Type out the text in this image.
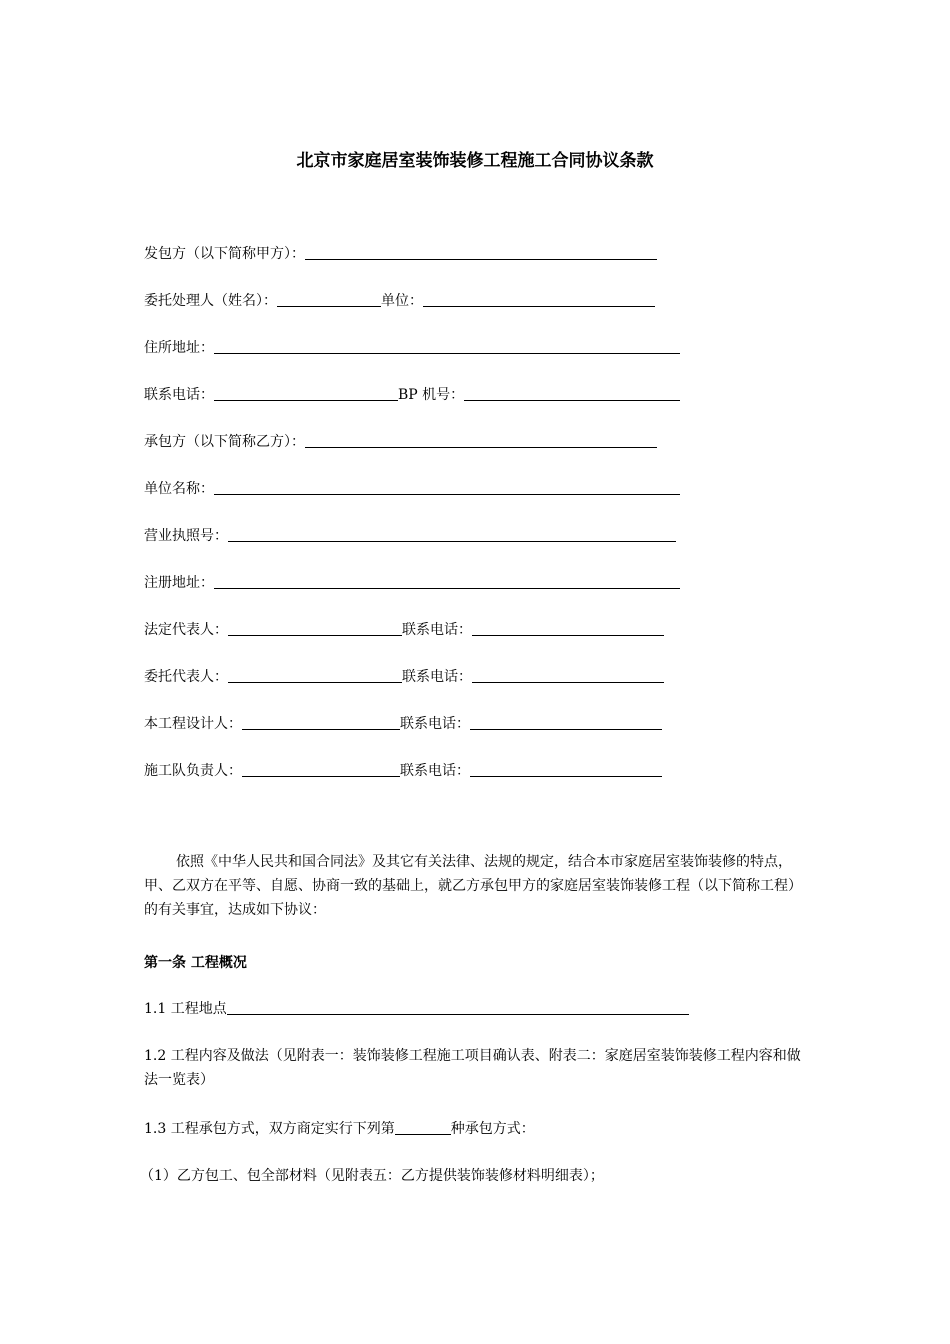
北京市家庭居室装饰装修工程施工合同协议条款
发包方（以下简称甲方）：
委托处理人（姓名）：	单位：
住所地址：
联系电话：	BP 机号：
承包方（以下简称乙方）：
单位名称：
营业执照号：
注册地址：
法定代表人：	联系电话：
委托代表人：	联系电话：
本工程设计人：	联系电话：
施工队负责人：	联系电话：
依照《中华人民共和国合同法》及其它有关法律、法规的规定，结合本市家庭居室装饰装修的特点，甲、乙双方在平等、自愿、协商一致的基础上，就乙方承包甲方的家庭居室装饰装修工程（以下简称工程）的有关事宜，达成如下协议：
第一条 工程概况
1.1 工程地点
1.2 工程内容及做法（见附表一：装饰装修工程施工项目确认表、附表二：家庭居室装饰装修工程内容和做法一览表）
1.3 工程承包方式，双方商定实行下列第	种承包方式：
（1）乙方包工、包全部材料（见附表五：乙方提供装饰装修材料明细表）；
